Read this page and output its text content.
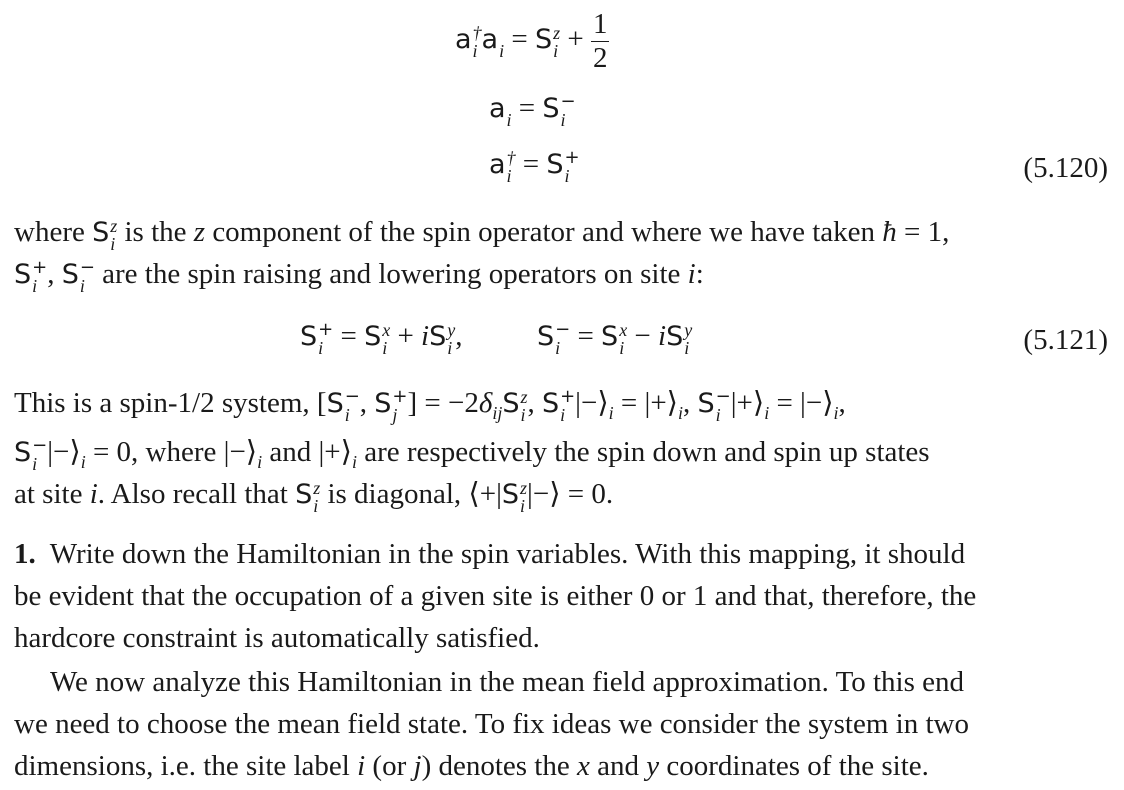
a †
i a
i = S z
$i + \frac{1}{2}$
a
i = S −
i
a †
i = S +
i	(5.120)
where S z
i is the z component of the spin operator and where we have taken ħ = 1,
S +
i , S −
i are the spin raising and lowering operators on site i:
S +
i = S x
i + iS y
i ,  S −
i = S x
i − iS y
i	(5.121)
This is a spin-1/2 system, [S −
i , S +
j ] = $-2\delta_{ij}S$ z
i , S +
i $|-⟩_i$ = $|+⟩_i$, S −
i $|+⟩_i$ = $|-⟩_i$,
S −
i $|-⟩_i = 0$, where $|-⟩_i$ and $|+⟩_i$ are respectively the spin down and spin up states
at site i. Also recall that S z
i is diagonal, ⟨+|S z
i |−⟩ = 0.
1. Write down the Hamiltonian in the spin variables. With this mapping, it should
be evident that the occupation of a given site is either 0 or 1 and that, therefore, the
hardcore constraint is automatically satisfied.
We now analyze this Hamiltonian in the mean field approximation. To this end
we need to choose the mean field state. To fix ideas we consider the system in two
dimensions, i.e. the site label i (or j) denotes the x and y coordinates of the site.
